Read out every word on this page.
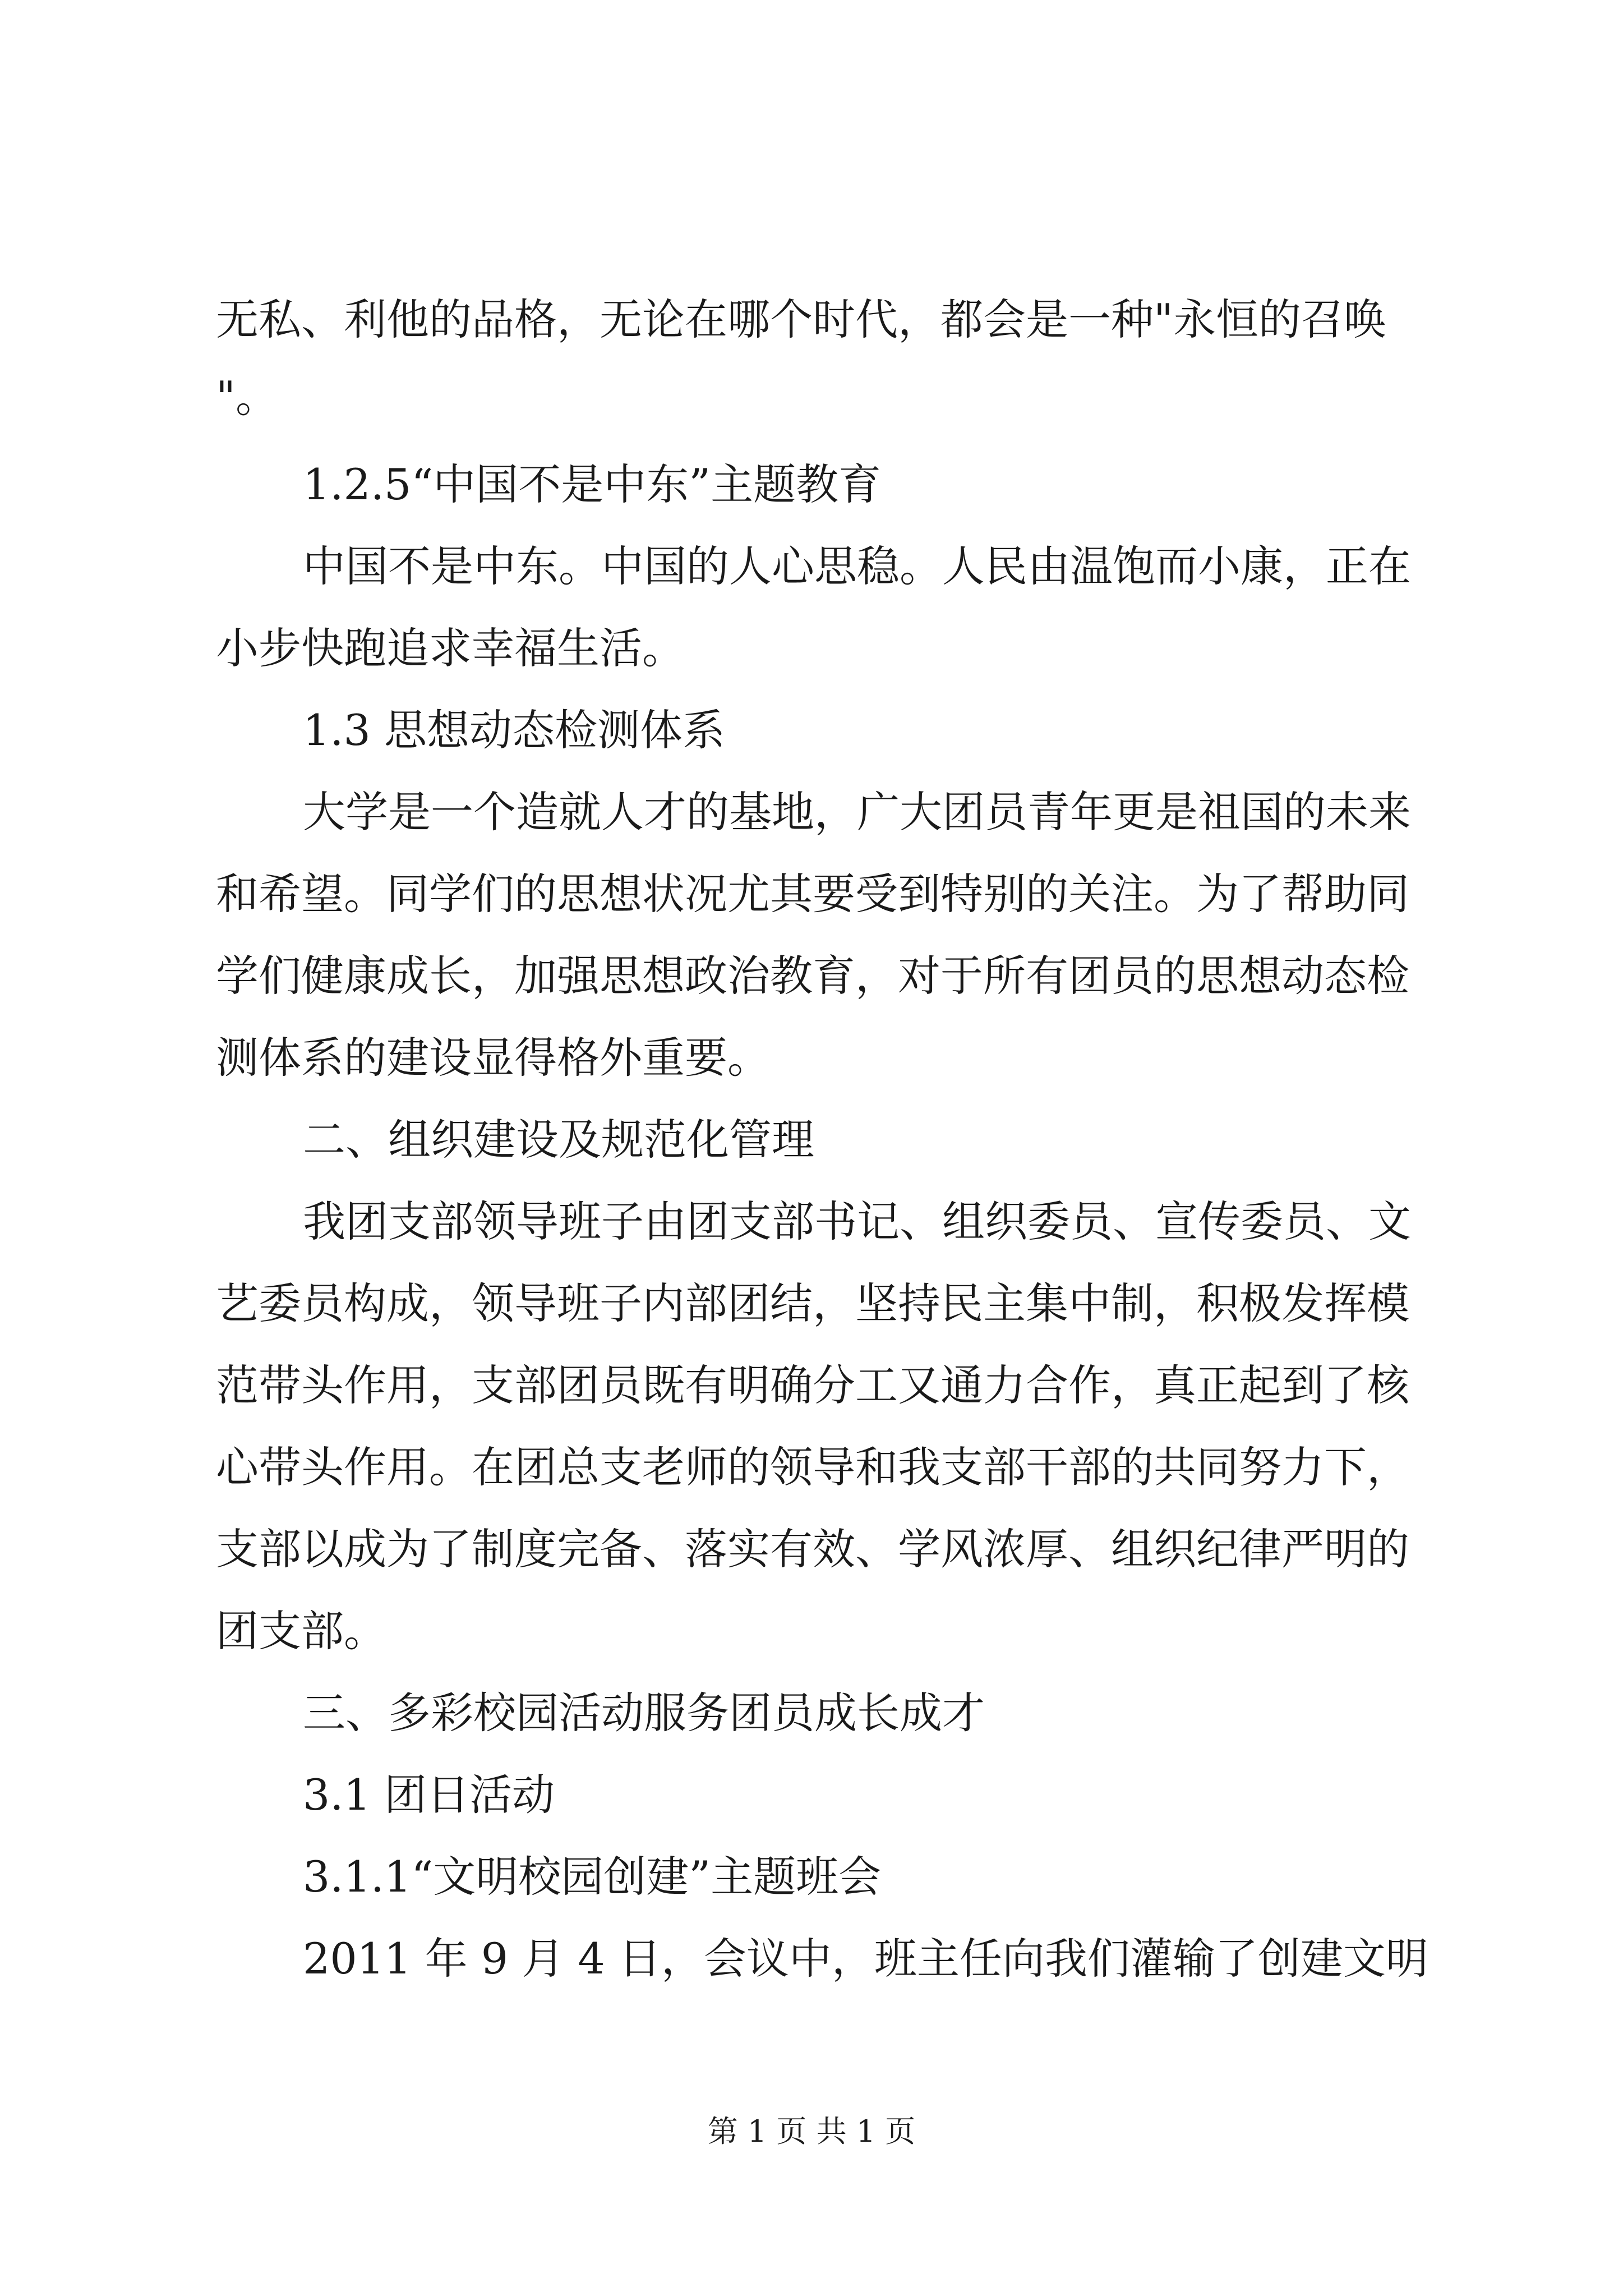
无私、利他的品格，无论在哪个时代，都会是一种"永恒的召唤
"。
1.2.5“中国不是中东”主题教育
中国不是中东。中国的人心思稳。人民由温饱而小康，正在
小步快跑追求幸福生活。
1.3 思想动态检测体系
大学是一个造就人才的基地，广大团员青年更是祖国的未来
和希望。同学们的思想状况尤其要受到特别的关注。为了帮助同
学们健康成长，加强思想政治教育，对于所有团员的思想动态检
测体系的建设显得格外重要。
二、组织建设及规范化管理
我团支部领导班子由团支部书记、组织委员、宣传委员、文
艺委员构成，领导班子内部团结，坚持民主集中制，积极发挥模
范带头作用，支部团员既有明确分工又通力合作，真正起到了核
心带头作用。在团总支老师的领导和我支部干部的共同努力下，
支部以成为了制度完备、落实有效、学风浓厚、组织纪律严明的
团支部。
三、多彩校园活动服务团员成长成才
3.1 团日活动
3.1.1“文明校园创建”主题班会
2011 年 9 月 4 日，会议中，班主任向我们灌输了创建文明
第 1 页 共 1 页
